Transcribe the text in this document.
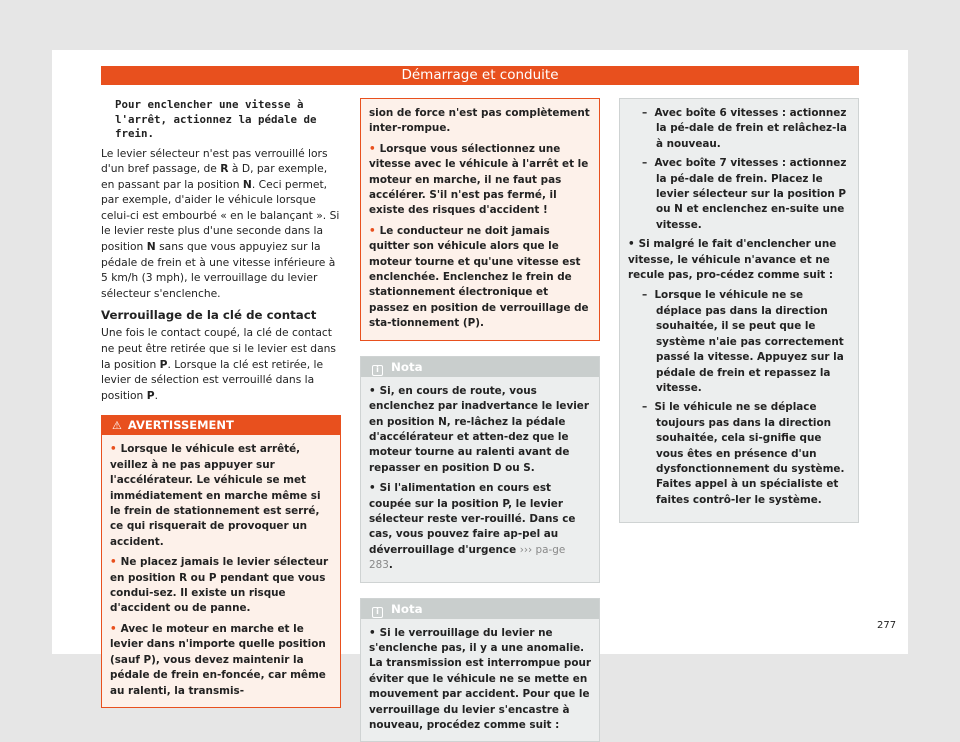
Démarrage et conduite
Pour enclencher une vitesse à
l'arrêt, actionnez la pédale de
frein.

Le levier sélecteur n'est pas verrouillé lors d'un bref passage, de R à D, par exemple, en passant par la position N. Ceci permet, par exemple, d'aider le véhicule lorsque celui-ci est embourbé « en le balançant ». Si le levier reste plus d'une seconde dans la position N sans que vous appuyiez sur la pédale de frein et à une vitesse inférieure à 5 km/h (3 mph), le verrouillage du levier sélecteur s'enclenche.

Verrouillage de la clé de contact

Une fois le contact coupé, la clé de contact ne peut être retirée que si le levier est dans la position P. Lorsque la clé est retirée, le levier de sélection est verrouillé dans la position P.

⚠ AVERTISSEMENT
• Lorsque le véhicule est arrêté, veillez à ne pas appuyer sur l'accélérateur. Le véhicule se met immédiatement en marche même si le frein de stationnement est serré, ce qui risquerait de provoquer un accident.
• Ne placez jamais le levier sélecteur en position R ou P pendant que vous condui-sez. Il existe un risque d'accident ou de panne.
• Avec le moteur en marche et le levier dans n'importe quelle position (sauf P), vous devez maintenir la pédale de frein en-foncée, car même au ralenti, la transmis-
sion de force n'est pas complètement inter-rompue.
• Lorsque vous sélectionnez une vitesse avec le véhicule à l'arrêt et le moteur en marche, il ne faut pas accélérer. S'il n'est pas fermé, il existe des risques d'accident !
• Le conducteur ne doit jamais quitter son véhicule alors que le moteur tourne et qu'une vitesse est enclenchée. Enclenchez le frein de stationnement électronique et passez en position de verrouillage de sta-tionnement (P).
i Nota
• Si, en cours de route, vous enclenchez par inadvertance le levier en position N, re-lâchez la pédale d'accélérateur et atten-dez que le moteur tourne au ralenti avant de repasser en position D ou S.
• Si l'alimentation en cours est coupée sur la position P, le levier sélecteur reste ver-rouillé. Dans ce cas, vous pouvez faire ap-pel au déverrouillage d'urgence ››› pa-ge 283.
i Nota
• Si le verrouillage du levier ne s'enclenche pas, il y a une anomalie. La transmission est interrompue pour éviter que le véhicule ne se mette en mouvement par accident. Pour que le verrouillage du levier s'encastre à nouveau, procédez comme suit :
–  Avec boîte 6 vitesses : actionnez la pé-dale de frein et relâchez-la à nouveau.
–  Avec boîte 7 vitesses : actionnez la pé-dale de frein. Placez le levier sélecteur sur la position P ou N et enclenchez en-suite une vitesse.
• Si malgré le fait d'enclencher une vitesse, le véhicule n'avance et ne recule pas, pro-cédez comme suit :
–  Lorsque le véhicule ne se déplace pas dans la direction souhaitée, il se peut que le système n'aie pas correctement passé la vitesse. Appuyez sur la pédale de frein et repassez la vitesse.
–  Si le véhicule ne se déplace toujours pas dans la direction souhaitée, cela si-gnifie que vous êtes en présence d'un dysfonctionnement du système. Faites appel à un spécialiste et faites contrô-ler le système.
277
